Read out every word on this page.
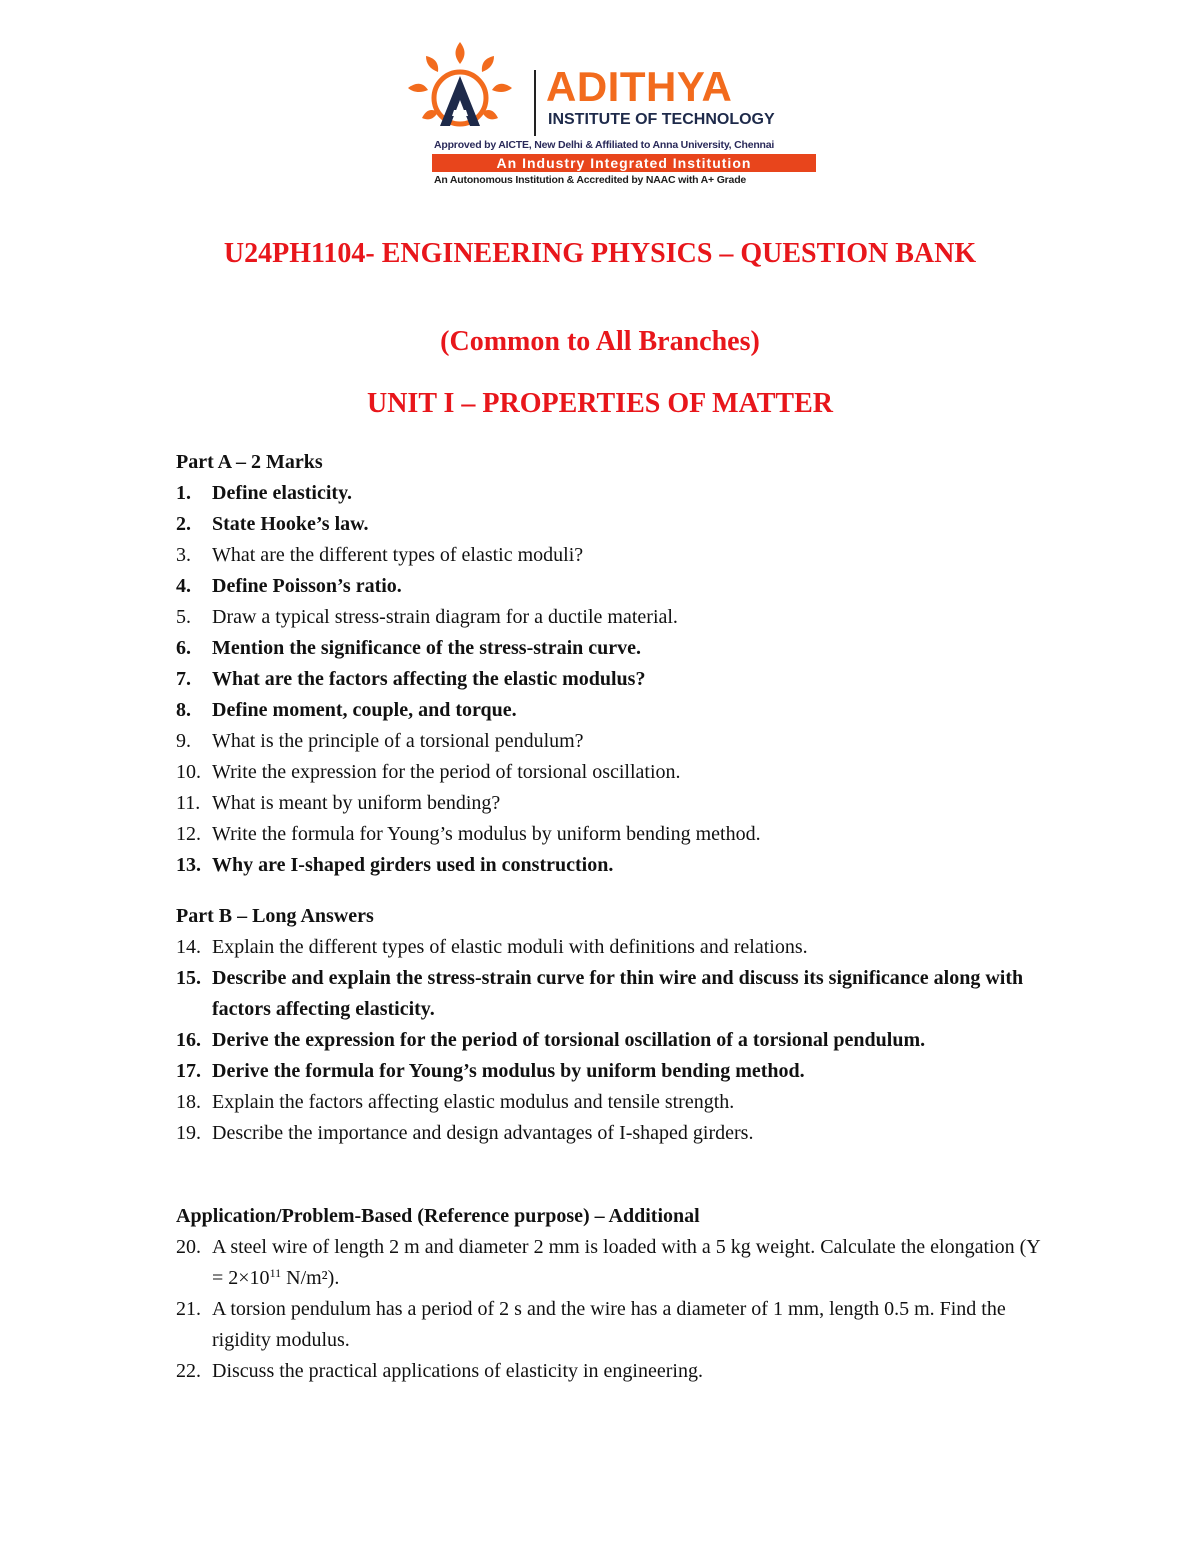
ADITHYA
INSTITUTE OF TECHNOLOGY
Approved by AICTE, New Delhi & Affiliated to Anna University, Chennai
An Industry Integrated Institution
An Autonomous Institution & Accredited by NAAC with A+ Grade
U24PH1104- ENGINEERING PHYSICS – QUESTION BANK
(Common to All Branches)
UNIT I – PROPERTIES OF MATTER
Part A – 2 Marks
1. Define elasticity.
2. State Hooke’s law.
3. What are the different types of elastic moduli?
4. Define Poisson’s ratio.
5. Draw a typical stress-strain diagram for a ductile material.
6. Mention the significance of the stress-strain curve.
7. What are the factors affecting the elastic modulus?
8. Define moment, couple, and torque.
9. What is the principle of a torsional pendulum?
10. Write the expression for the period of torsional oscillation.
11. What is meant by uniform bending?
12. Write the formula for Young’s modulus by uniform bending method.
13. Why are I-shaped girders used in construction.
Part B – Long Answers
14. Explain the different types of elastic moduli with definitions and relations.
15. Describe and explain the stress-strain curve for thin wire and discuss its significance along with factors affecting elasticity.
16. Derive the expression for the period of torsional oscillation of a torsional pendulum.
17. Derive the formula for Young’s modulus by uniform bending method.
18. Explain the factors affecting elastic modulus and tensile strength.
19. Describe the importance and design advantages of I-shaped girders.
Application/Problem-Based (Reference purpose) – Additional
20. A steel wire of length 2 m and diameter 2 mm is loaded with a 5 kg weight. Calculate the elongation ($Y = 2\times 10^{11}$ N/m²).
21. A torsion pendulum has a period of 2 s and the wire has a diameter of 1 mm, length 0.5 m. Find the rigidity modulus.
22. Discuss the practical applications of elasticity in engineering.
